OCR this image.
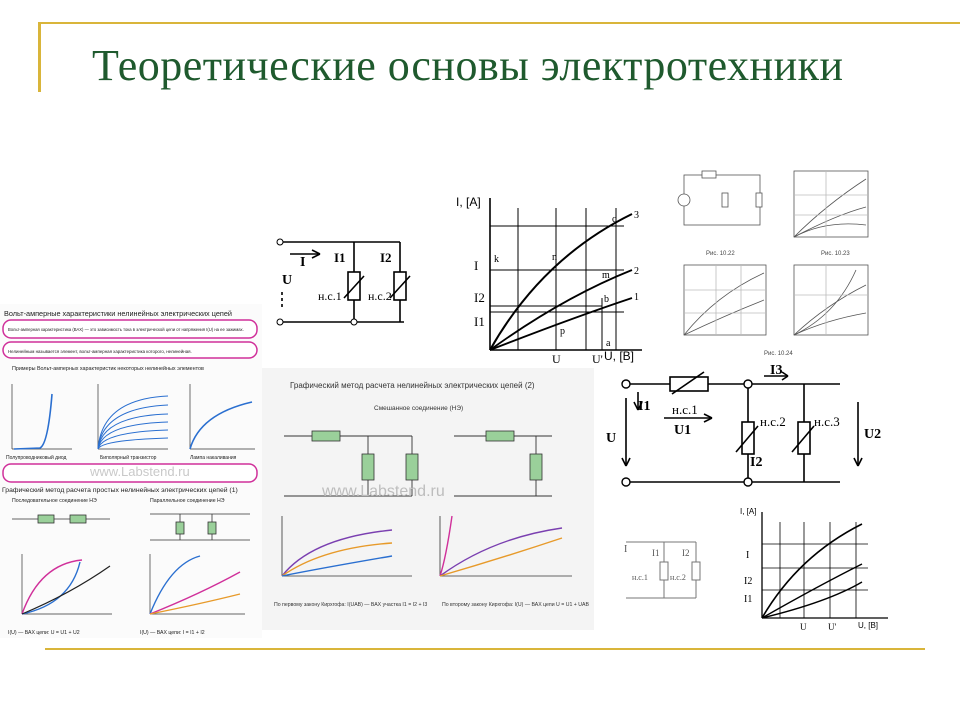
Теоретические основы электротехники
I I1	I2
U
н.с.1 н.с.2
I, [A]
U, [B]
I
I2
I1
U	U'
k	n
m
b
p
a
c 3
2
1
Рис. 10.22	Рис. 10.23
Рис. 10.24
Вольт-амперные характеристики нелинейных электрических цепей
Вольт-амперная характеристика (ВАХ) — это зависимость тока в электрической цепи от напряжения I(U) на ее зажимах.
Нелинейным называется элемент, вольт-амперная характеристика которого, нелинейная.
Примеры Вольт-амперных характеристик некоторых нелинейных элементов
Полупроводниковый диод	Биполярный транзистор	Лампа накаливания
www.Labstend.ru
Графический метод расчета простых нелинейных электрических цепей (1)
Последовательное соединение НЭ	Параллельное соединение НЭ
I(U) — ВАХ цепи: U = U1 + U2	I(U) — ВАХ цепи: I = I1 + I2
Графический метод расчета нелинейных электрических цепей (2)
Смешанное соединение (НЭ)
www.Labstend.ru
По первому закону Кирхгофа: I(UAB) — ВАХ участка I1 = I2 + I3	По второму закону Кирхгофа: I(U) — ВАХ цепи U = U1 + UAB
I1
I2
I3
U
U1	U2
н.с.1
н.с.2 н.с.3
I	I1	I2
н.с.1	н.с.2
I, [A]
U, [B]
I
I2
I1
U U'
